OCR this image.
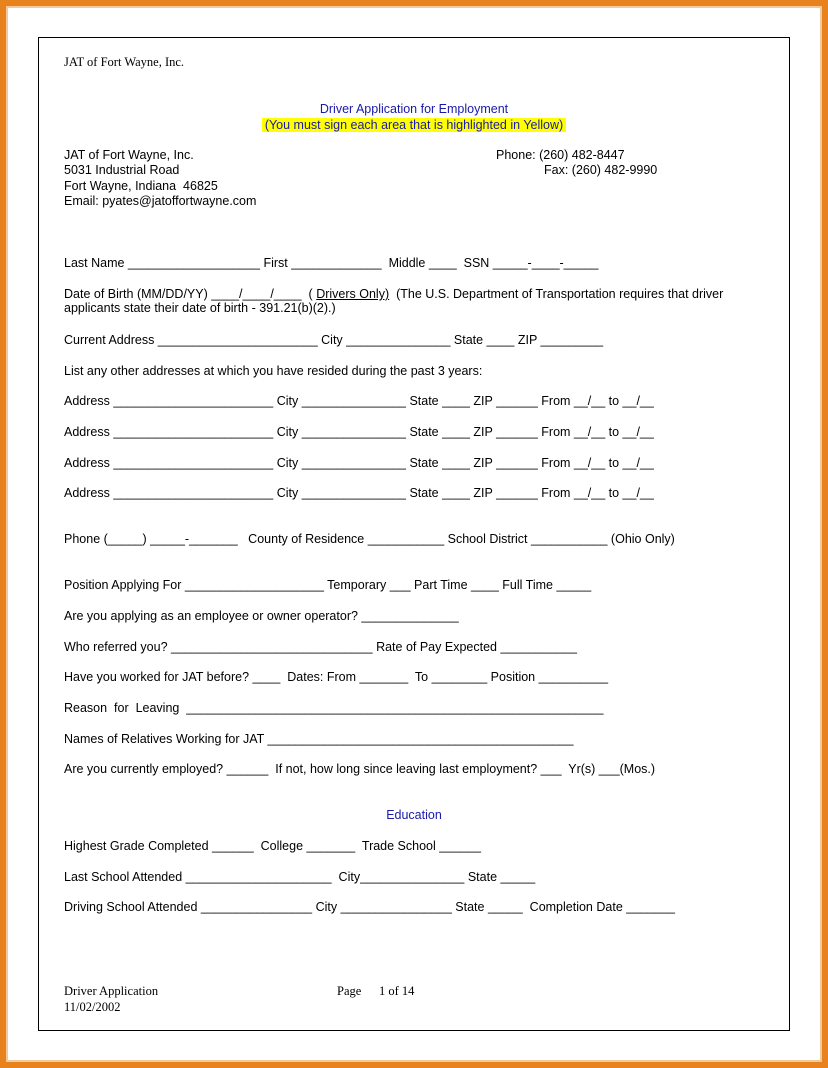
JAT of Fort Wayne, Inc.
Driver Application for Employment
(You must sign each area that is highlighted in Yellow)
JAT of Fort Wayne, Inc.
5031 Industrial Road
Fort Wayne, Indiana  46825
Email: pyates@jatoffortwayne.com
Phone: (260) 482-8447
Fax: (260) 482-9990
Last Name ___________________ First _____________  Middle ____  SSN _____-____-_____
Date of Birth (MM/DD/YY) ____/____/____  ( Drivers Only)  (The U.S. Department of Transportation requires that driver
applicants state their date of birth - 391.21(b)(2).)
Current Address _______________________ City _______________ State ____ ZIP _________
List any other addresses at which you have resided during the past 3 years:
Address _______________________ City _______________ State ____ ZIP ______ From __/__ to __/__
Address _______________________ City _______________ State ____ ZIP ______ From __/__ to __/__
Address _______________________ City _______________ State ____ ZIP ______ From __/__ to __/__
Address _______________________ City _______________ State ____ ZIP ______ From __/__ to __/__
Phone (_____) _____-_______   County of Residence ___________ School District ___________ (Ohio Only)
Position Applying For ____________________ Temporary ___ Part Time ____ Full Time _____
Are you applying as an employee or owner operator? ______________
Who referred you? _____________________________ Rate of Pay Expected ___________
Have you worked for JAT before? ____  Dates: From _______  To ________ Position __________
Reason  for  Leaving  ____________________________________________________________
Names of Relatives Working for JAT ____________________________________________
Are you currently employed? ______  If not, how long since leaving last employment? ___  Yr(s) ___(Mos.)
Education
Highest Grade Completed ______  College _______  Trade School ______
Last School Attended _____________________  City_______________ State _____
Driving School Attended ________________ City ________________ State _____  Completion Date _______
Driver Application
11/02/2002
Page 1 of 14
